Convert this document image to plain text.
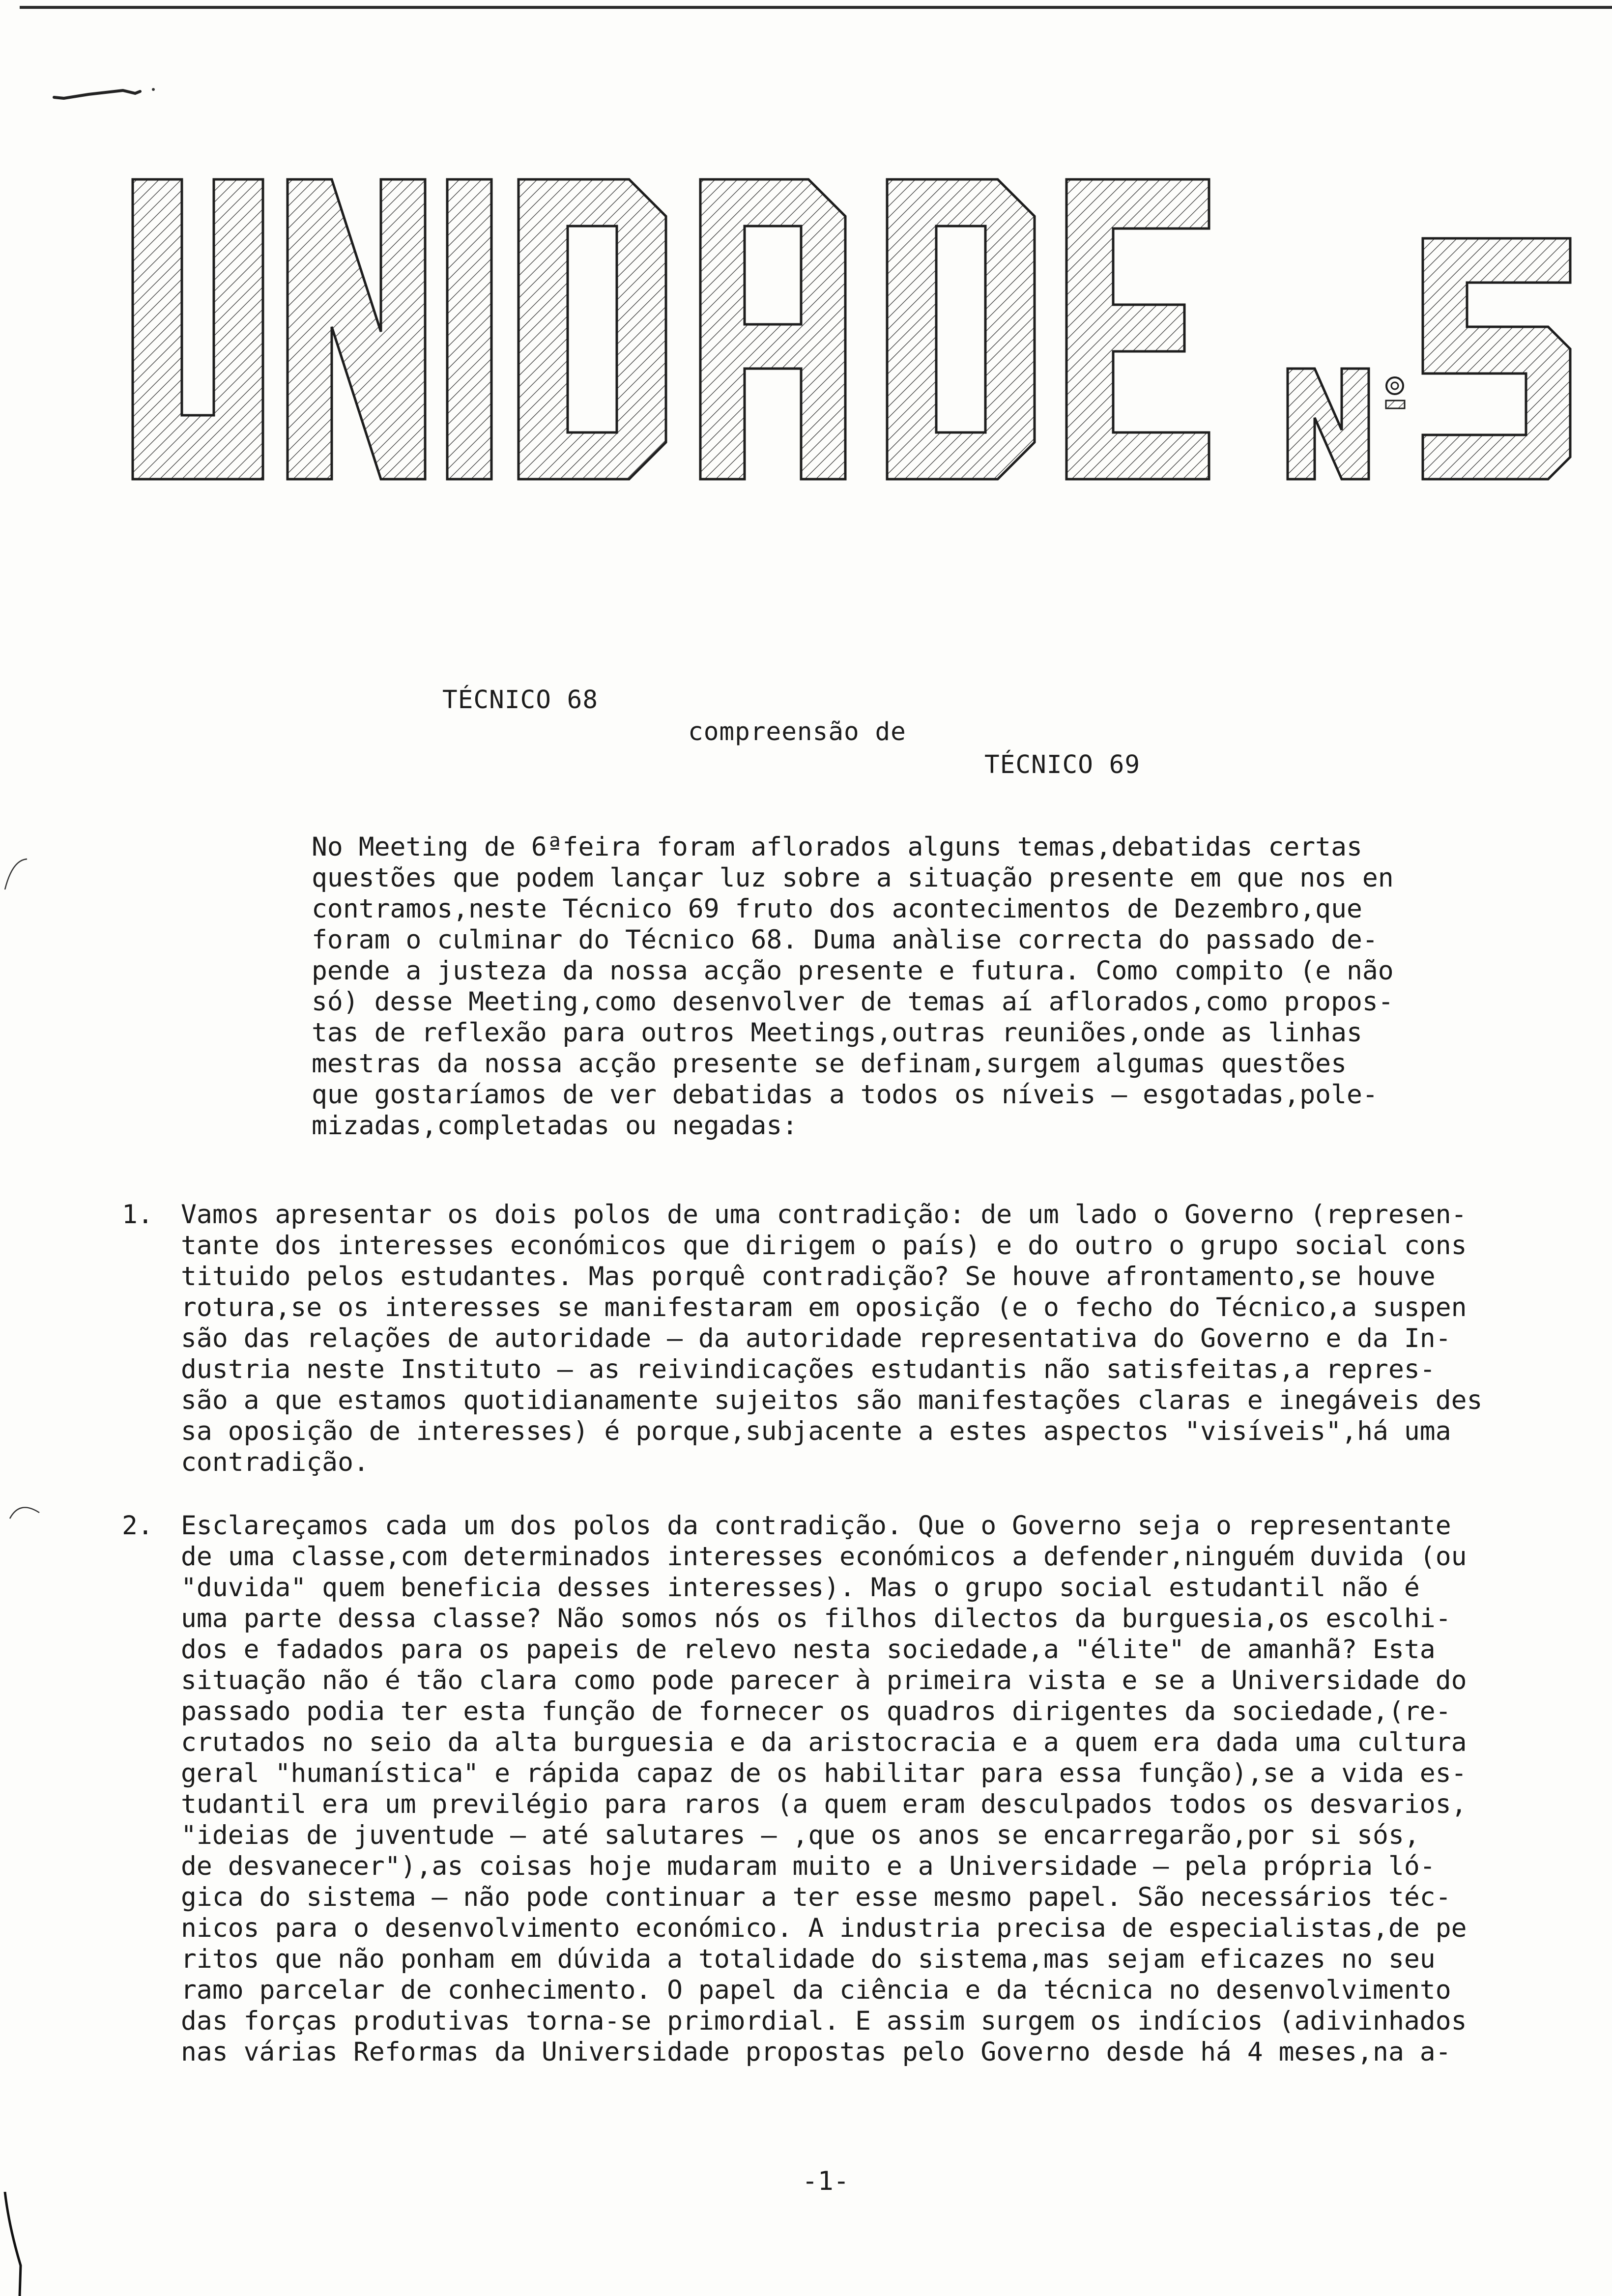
TÉCNICO 68
compreensão de
TÉCNICO 69

No Meeting de 6ªfeira foram aflorados alguns temas,debatidas certas

questões que podem lançar luz sobre a situação presente em que nos en

contramos,neste Técnico 69 fruto dos acontecimentos de Dezembro,que

foram o culminar do Técnico 68. Duma anàlise correcta do passado de-

pende a justeza da nossa acção presente e futura. Como compito (e não

só) desse Meeting,como desenvolver de temas aí aflorados,como propos-

tas de reflexão para outros Meetings,outras reuniões,onde as linhas

mestras da nossa acção presente se definam,surgem algumas questões

que gostaríamos de ver debatidas a todos os níveis — esgotadas,pole-

mizadas,completadas ou negadas:

1.	Vamos apresentar os dois polos de uma contradição: de um lado o Governo (represen-

tante dos interesses económicos que dirigem o país) e do outro o grupo social cons

tituido pelos estudantes. Mas porquê contradição? Se houve afrontamento,se houve

rotura,se os interesses se manifestaram em oposição (e o fecho do Técnico,a suspen

são das relações de autoridade — da autoridade representativa do Governo e da In-

dustria neste Instituto — as reivindicações estudantis não satisfeitas,a repres-

são a que estamos quotidianamente sujeitos são manifestações claras e inegáveis des

sa oposição de interesses) é porque,subjacente a estes aspectos "visíveis",há uma

contradição.

2.	Esclareçamos cada um dos polos da contradição. Que o Governo seja o representante

de uma classe,com determinados interesses económicos a defender,ninguém duvida (ou

"duvida" quem beneficia desses interesses). Mas o grupo social estudantil não é

uma parte dessa classe? Não somos nós os filhos dilectos da burguesia,os escolhi-

dos e fadados para os papeis de relevo nesta sociedade,a "élite" de amanhã? Esta

situação não é tão clara como pode parecer à primeira vista e se a Universidade do

passado podia ter esta função de fornecer os quadros dirigentes da sociedade,(re-

crutados no seio da alta burguesia e da aristocracia e a quem era dada uma cultura

geral "humanística" e rápida capaz de os habilitar para essa função),se a vida es-

tudantil era um previlégio para raros (a quem eram desculpados todos os desvarios,

"ideias de juventude — até salutares — ,que os anos se encarregarão,por si sós,

de desvanecer"),as coisas hoje mudaram muito e a Universidade — pela própria ló-

gica do sistema — não pode continuar a ter esse mesmo papel. São necessários téc-

nicos para o desenvolvimento económico. A industria precisa de especialistas,de pe

ritos que não ponham em dúvida a totalidade do sistema,mas sejam eficazes no seu

ramo parcelar de conhecimento. O papel da ciência e da técnica no desenvolvimento

das forças produtivas torna-se primordial. E assim surgem os indícios (adivinhados

nas várias Reformas da Universidade propostas pelo Governo desde há 4 meses,na a-

-1-
